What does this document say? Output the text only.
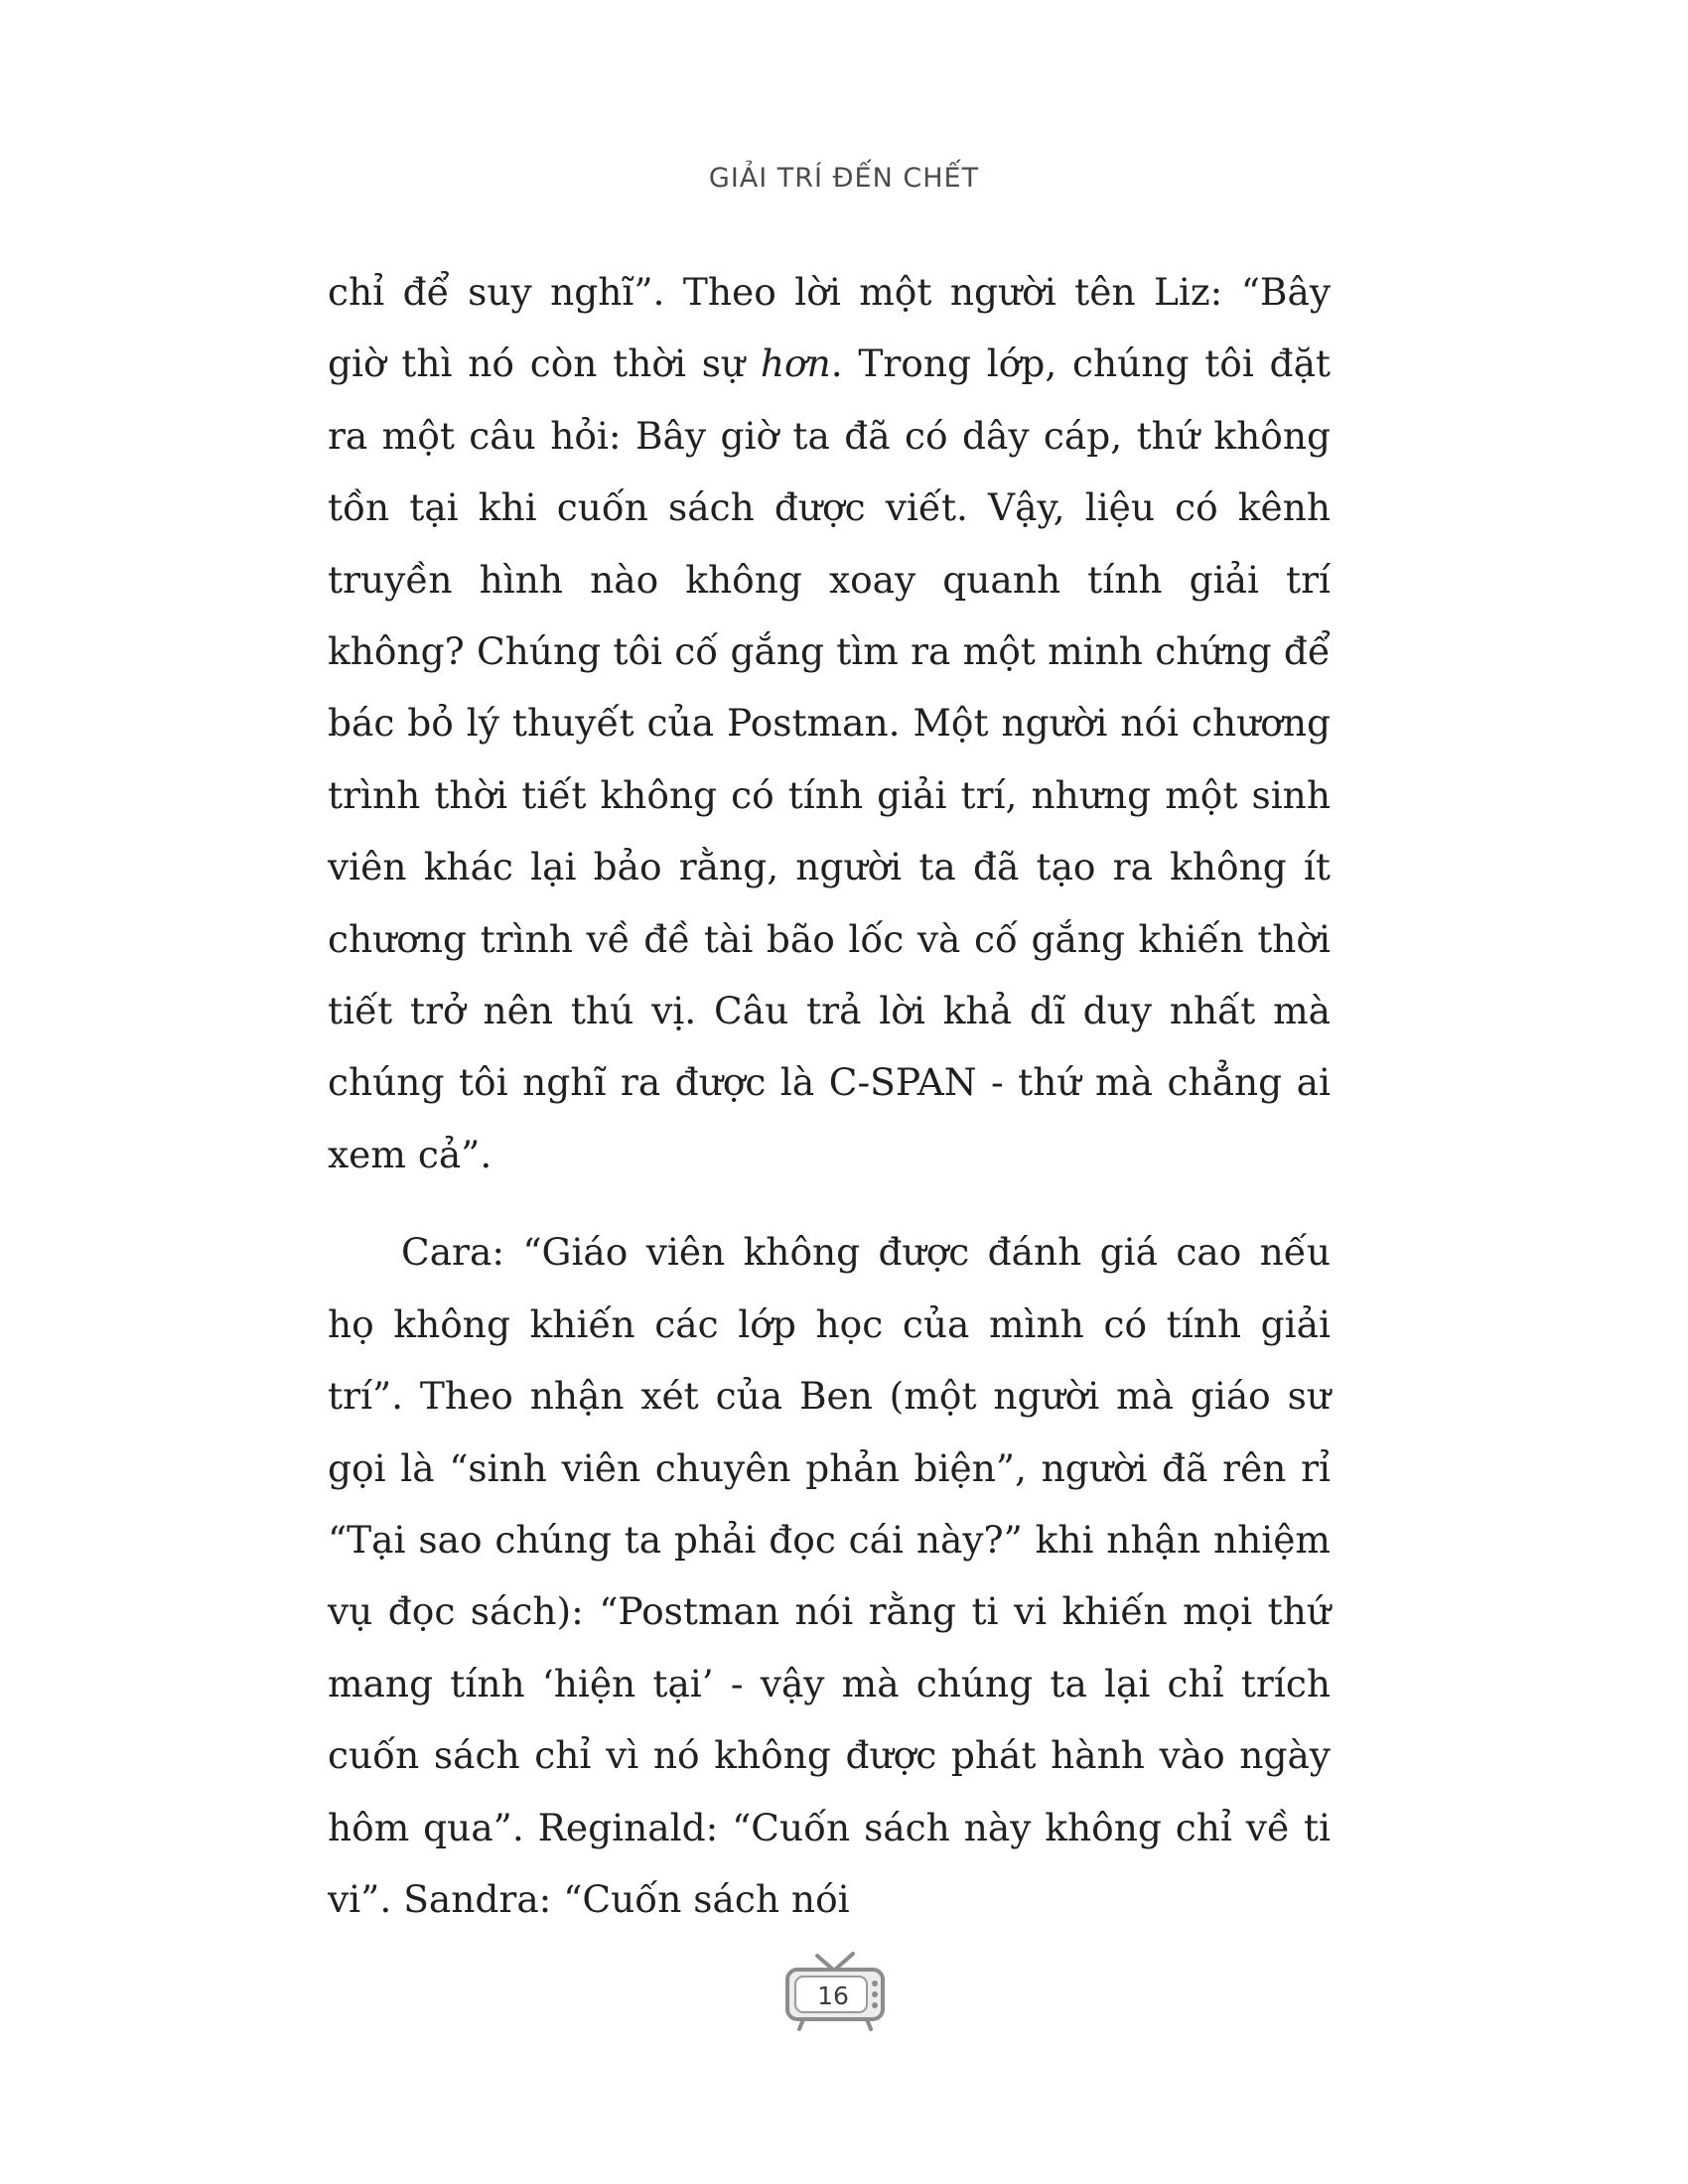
GIẢI TRÍ ĐẾN CHẾT

chỉ để suy nghĩ”. Theo lời một người tên Liz: “Bây giờ thì nó còn thời sự hơn. Trong lớp, chúng tôi đặt ra một câu hỏi: Bây giờ ta đã có dây cáp, thứ không tồn tại khi cuốn sách được viết. Vậy, liệu có kênh truyền hình nào không xoay quanh tính giải trí không? Chúng tôi cố gắng tìm ra một minh chứng để bác bỏ lý thuyết của Postman. Một người nói chương trình thời tiết không có tính giải trí, nhưng một sinh viên khác lại bảo rằng, người ta đã tạo ra không ít chương trình về đề tài bão lốc và cố gắng khiến thời tiết trở nên thú vị. Câu trả lời khả dĩ duy nhất mà chúng tôi nghĩ ra được là C-SPAN - thứ mà chẳng ai xem cả”.

Cara: “Giáo viên không được đánh giá cao nếu họ không khiến các lớp học của mình có tính giải trí”. Theo nhận xét của Ben (một người mà giáo sư gọi là “sinh viên chuyên phản biện”, người đã rên rỉ “Tại sao chúng ta phải đọc cái này?” khi nhận nhiệm vụ đọc sách): “Postman nói rằng ti vi khiến mọi thứ mang tính ‘hiện tại’ - vậy mà chúng ta lại chỉ trích cuốn sách chỉ vì nó không được phát hành vào ngày hôm qua”. Reginald: “Cuốn sách này không chỉ về ti vi”. Sandra: “Cuốn sách nói

16
